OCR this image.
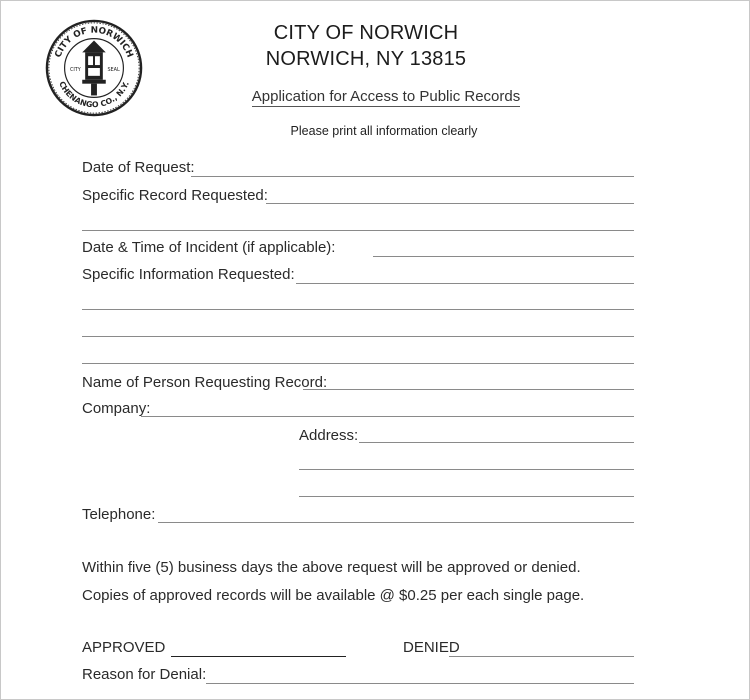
CITY OF NORWICH
CHENANGO CO., N.Y.
CITY	SEAL
CITY OF NORWICH
NORWICH, NY 13815
Application for Access to Public Records
Please print all information clearly
Date of Request:
Specific Record Requested:
Date & Time of Incident (if applicable):
Specific Information Requested:
Name of Person Requesting Record:
Company:
Address:
Telephone:
Within five (5) business days the above request will be approved or denied.
Copies of approved records will be available @ $0.25 per each single page.
APPROVED	DENIED
Reason for Denial:
